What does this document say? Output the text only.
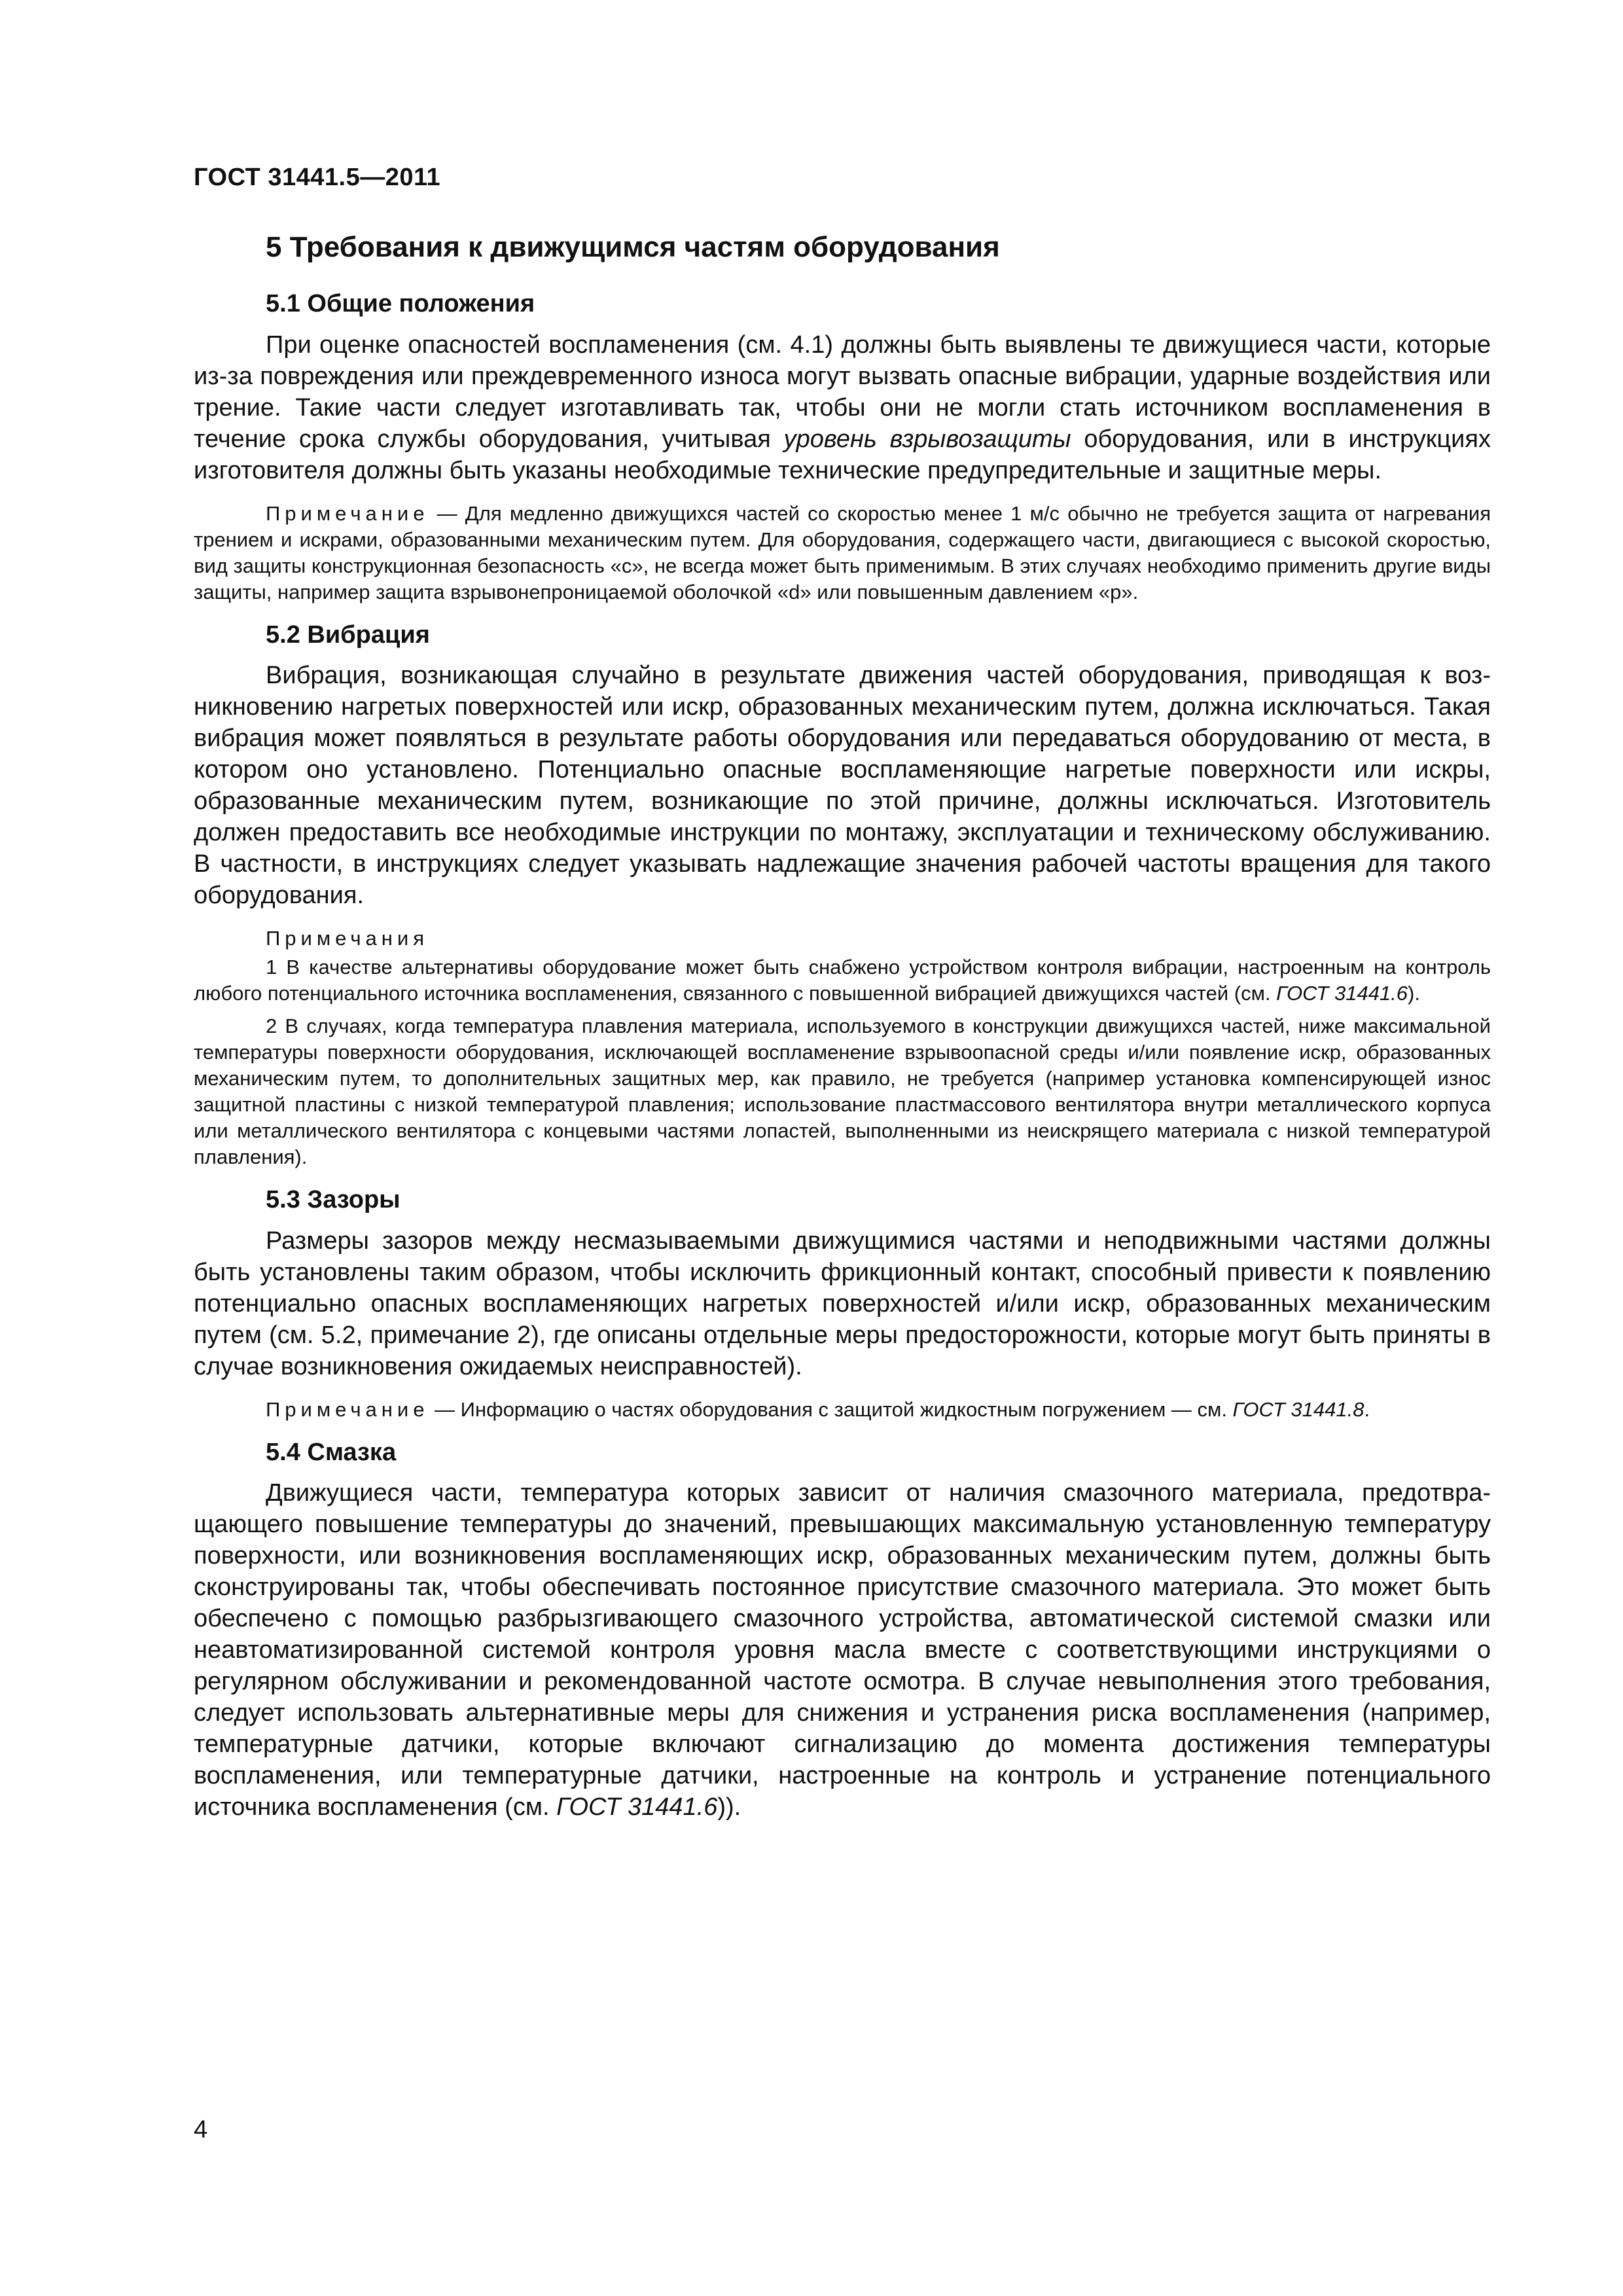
ГОСТ 31441.5—2011
5 Требования к движущимся частям оборудования
5.1 Общие положения

При оценке опасностей воспламенения (см. 4.1) должны быть выявлены те движущиеся части, которые из-за повреждения или преждевременного износа могут вызвать опасные вибрации, ударные воздействия или трение. Такие части следует изготавливать так, чтобы они не могли стать источником воспламенения в течение срока службы оборудования, учитывая уровень взрывозащиты оборудования, или в инструкциях изготовителя должны быть указаны необходимые технические предупредительные и защитные меры.

Примечание — Для медленно движущихся частей со скоростью менее 1 м/с обычно не требуется защита от нагревания трением и искрами, образованными механическим путем. Для оборудования, содержащего части, двигающиеся с высокой скоростью, вид защиты конструкционная безопасность «с», не всегда может быть применимым. В этих случаях необходимо применить другие виды защиты, например защита взрывонепроницаемой оболочкой «d» или повышенным давлением «р».

5.2 Вибрация

Вибрация, возникающая случайно в результате движения частей оборудования, приводящая к возникновению нагретых поверхностей или искр, образованных механическим путем, должна исключаться. Такая вибрация может появляться в результате работы оборудования или передаваться оборудованию от места, в котором оно установлено. Потенциально опасные воспламеняющие нагретые поверхности или искры, образованные механическим путем, возникающие по этой причине, должны исключаться. Изготовитель должен предоставить все необходимые инструкции по монтажу, эксплуатации и техническому обслуживанию. В частности, в инструкциях следует указывать надлежащие значения рабочей частоты вращения для такого оборудования.

Примечания

1 В качестве альтернативы оборудование может быть снабжено устройством контроля вибрации, настроенным на контроль любого потенциального источника воспламенения, связанного с повышенной вибрацией движущихся частей (см. ГОСТ 31441.6).

2 В случаях, когда температура плавления материала, используемого в конструкции движущихся частей, ниже максимальной температуры поверхности оборудования, исключающей воспламенение взрывоопасной среды и/или появление искр, образованных механическим путем, то дополнительных защитных мер, как правило, не требуется (например установка компенсирующей износ защитной пластины с низкой температурой плавления; использование пластмассового вентилятора внутри металлического корпуса или металлического вентилятора с концевыми частями лопастей, выполненными из неискрящего материала с низкой температурой плавления).

5.3 Зазоры

Размеры зазоров между несмазываемыми движущимися частями и неподвижными частями должны быть установлены таким образом, чтобы исключить фрикционный контакт, способный привести к появлению потенциально опасных воспламеняющих нагретых поверхностей и/или искр, образованных механическим путем (см. 5.2, примечание 2), где описаны отдельные меры предосторожности, которые могут быть приняты в случае возникновения ожидаемых неисправностей).

Примечание — Информацию о частях оборудования с защитой жидкостным погружением — см. ГОСТ 31441.8.

5.4 Смазка

Движущиеся части, температура которых зависит от наличия смазочного материала, предотвращающего повышение температуры до значений, превышающих максимальную установленную температуру поверхности, или возникновения воспламеняющих искр, образованных механическим путем, должны быть сконструированы так, чтобы обеспечивать постоянное присутствие смазочного материала. Это может быть обеспечено с помощью разбрызгивающего смазочного устройства, автоматической системой смазки или неавтоматизированной системой контроля уровня масла вместе с соответствующими инструкциями о регулярном обслуживании и рекомендованной частоте осмотра. В случае невыполнения этого требования, следует использовать альтернативные меры для снижения и устранения риска воспламенения (например, температурные датчики, которые включают сигнализацию до момента достижения температуры воспламенения, или температурные датчики, настроенные на контроль и устранение потенциального источника воспламенения (см. ГОСТ 31441.6)).

4
